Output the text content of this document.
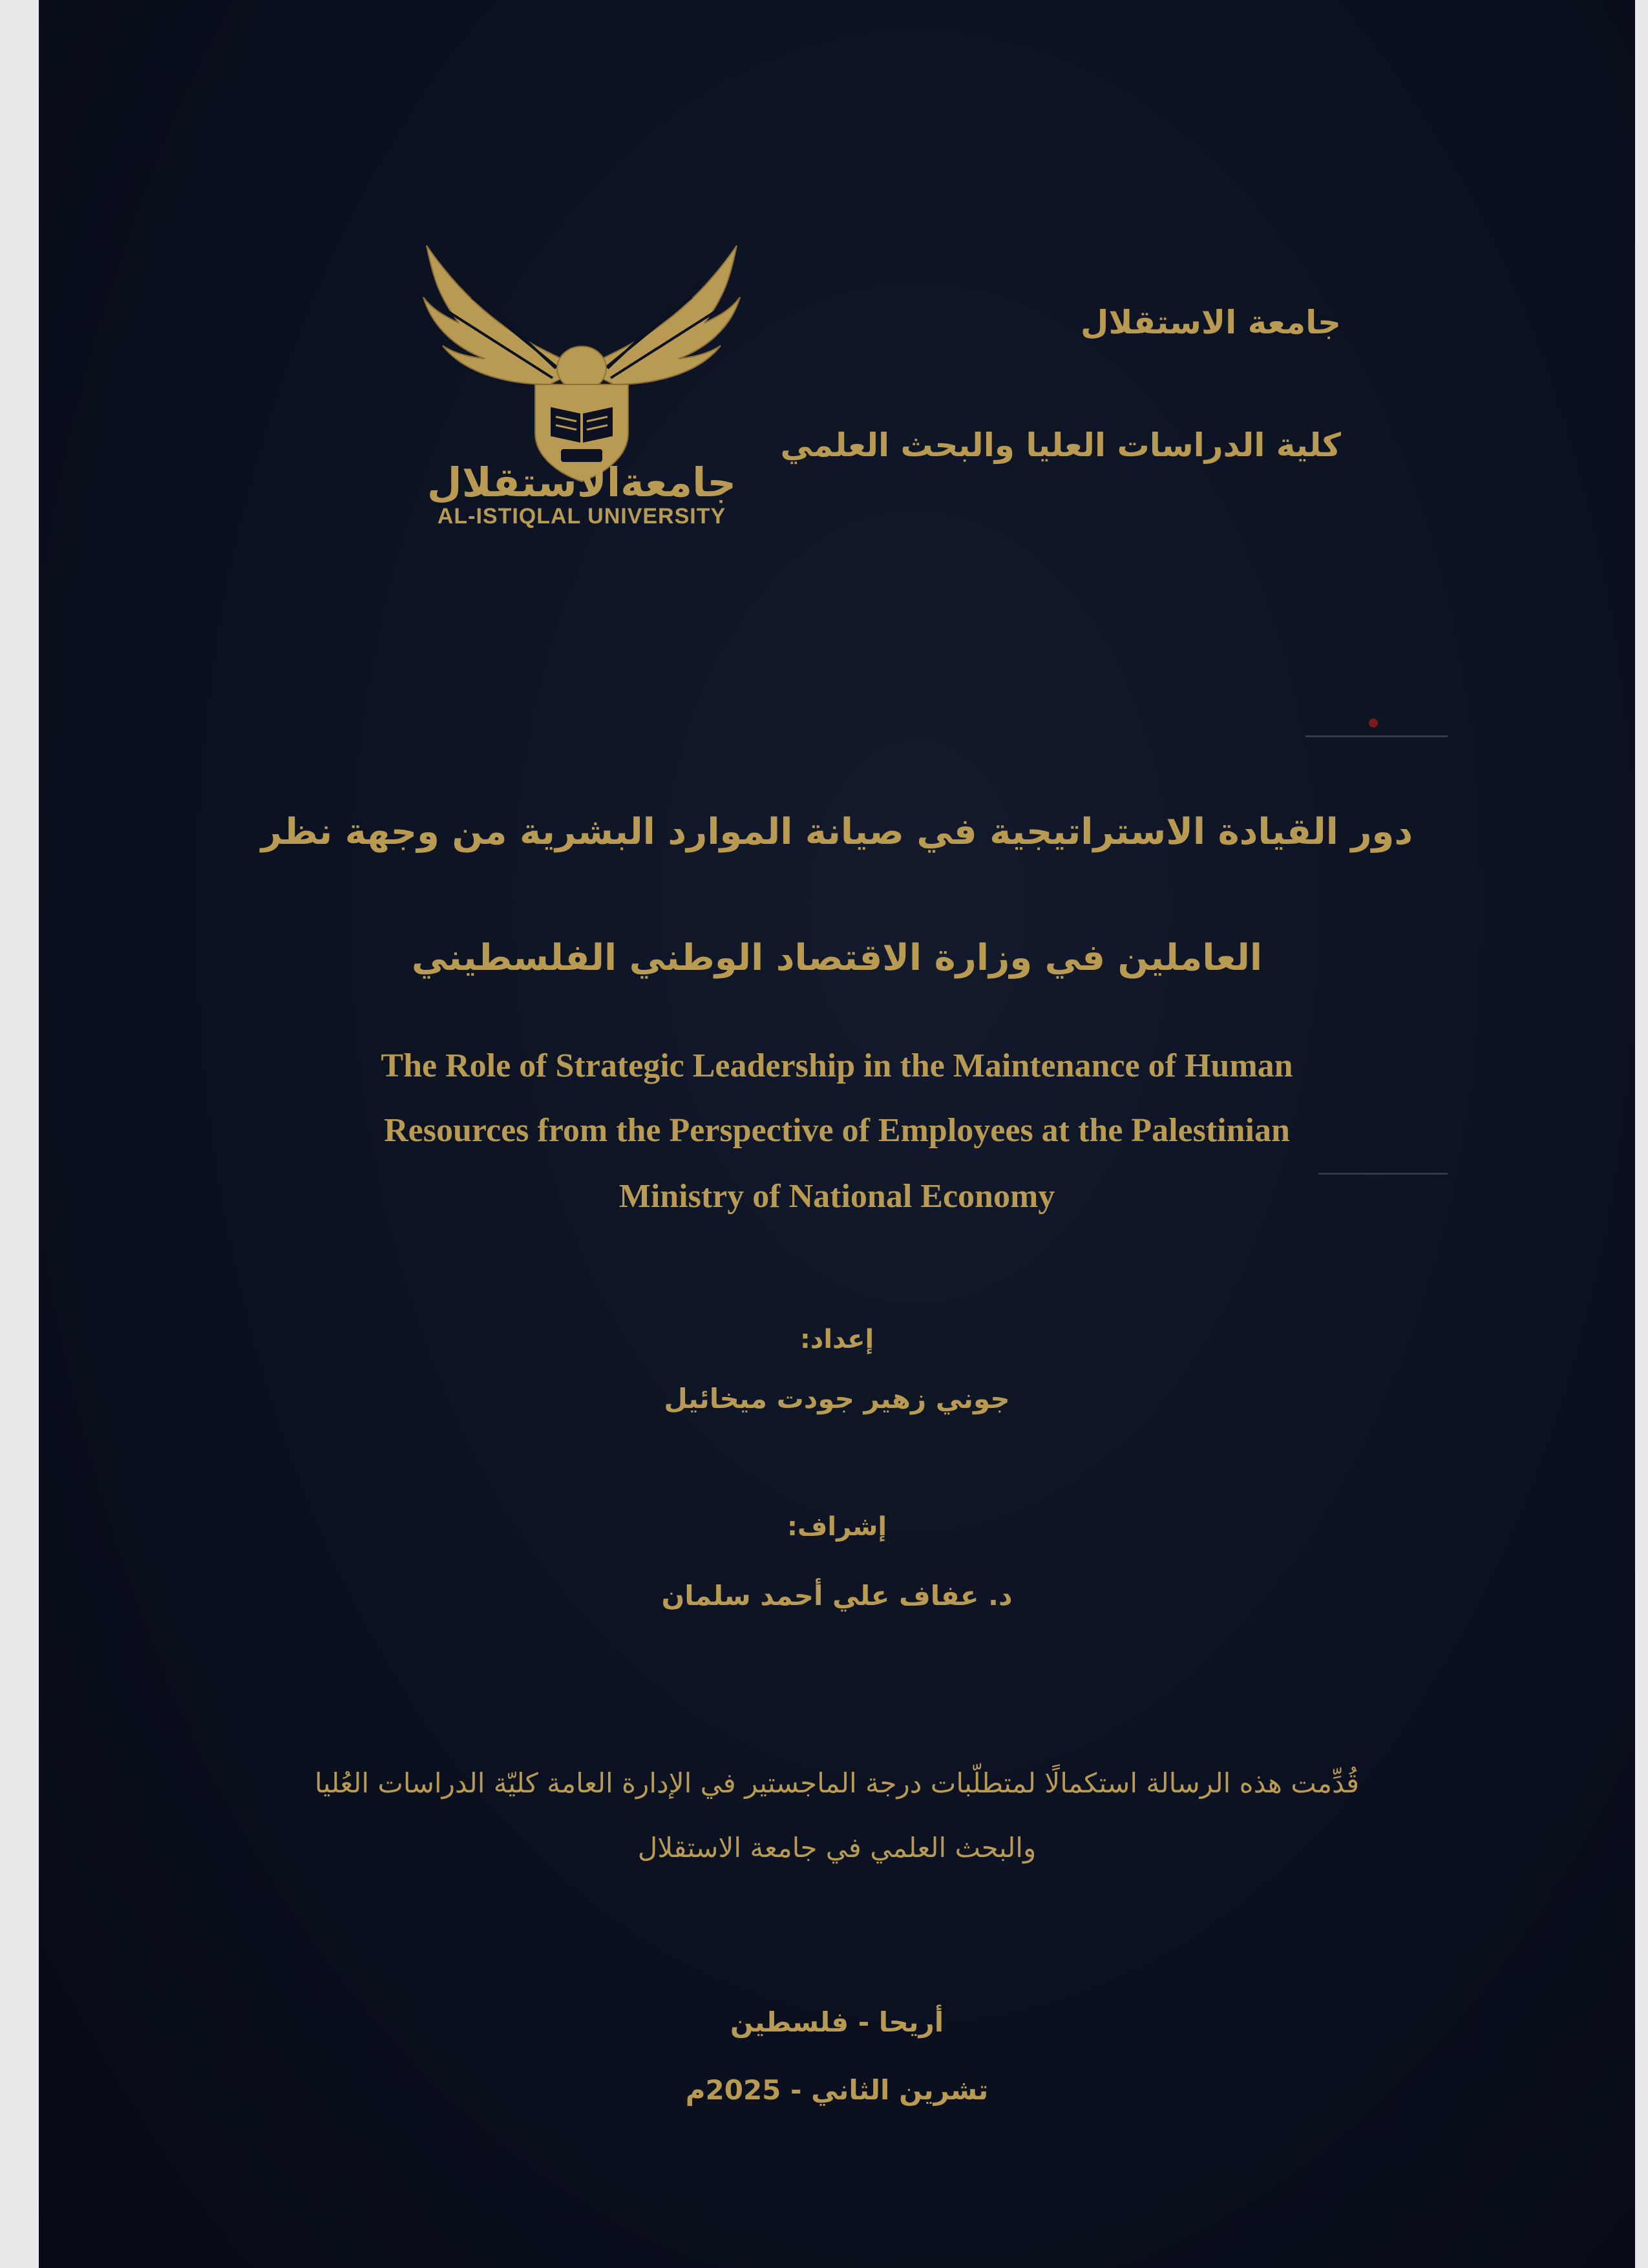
جامعةالاستقلال
AL-ISTIQLAL UNIVERSITY
جامعة الاستقلال
كلية الدراسات العليا والبحث العلمي
دور القيادة الاستراتيجية في صيانة الموارد البشرية من وجهة نظر
العاملين في وزارة الاقتصاد الوطني الفلسطيني
The Role of Strategic Leadership in the Maintenance of Human
Resources from the Perspective of Employees at the Palestinian
Ministry of National Economy
إعداد:
جوني زهير جودت ميخائيل
إشراف:
د. عفاف علي أحمد سلمان
قُدِّمت هذه الرسالة استكمالًا لمتطلّبات درجة الماجستير في الإدارة العامة كليّة الدراسات العُليا
والبحث العلمي في جامعة الاستقلال
أريحا - فلسطين
تشرين الثاني - 2025م
